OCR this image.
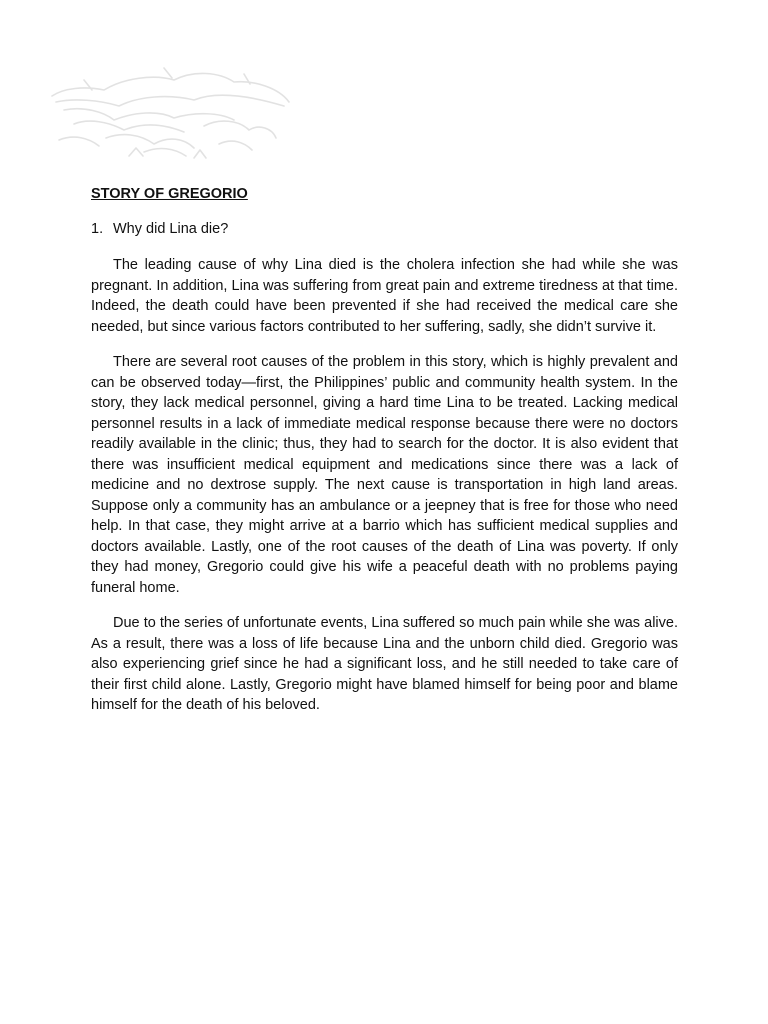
STORY OF GREGORIO
1. Why did Lina die?

The leading cause of why Lina died is the cholera infection she had while she was pregnant. In addition, Lina was suffering from great pain and extreme tiredness at that time. Indeed, the death could have been prevented if she had received the medical care she needed, but since various factors contributed to her suffering, sadly, she didn’t survive it.

There are several root causes of the problem in this story, which is highly prevalent and can be observed today—first, the Philippines’ public and community health system. In the story, they lack medical personnel, giving a hard time Lina to be treated. Lacking medical personnel results in a lack of immediate medical response because there were no doctors readily available in the clinic; thus, they had to search for the doctor. It is also evident that there was insufficient medical equipment and medications since there was a lack of medicine and no dextrose supply. The next cause is transportation in high land areas. Suppose only a community has an ambulance or a jeepney that is free for those who need help. In that case, they might arrive at a barrio which has sufficient medical supplies and doctors available. Lastly, one of the root causes of the death of Lina was poverty. If only they had money, Gregorio could give his wife a peaceful death with no problems paying funeral home.

Due to the series of unfortunate events, Lina suffered so much pain while she was alive. As a result, there was a loss of life because Lina and the unborn child died. Gregorio was also experiencing grief since he had a significant loss, and he still needed to take care of their first child alone. Lastly, Gregorio might have blamed himself for being poor and blame himself for the death of his beloved.
